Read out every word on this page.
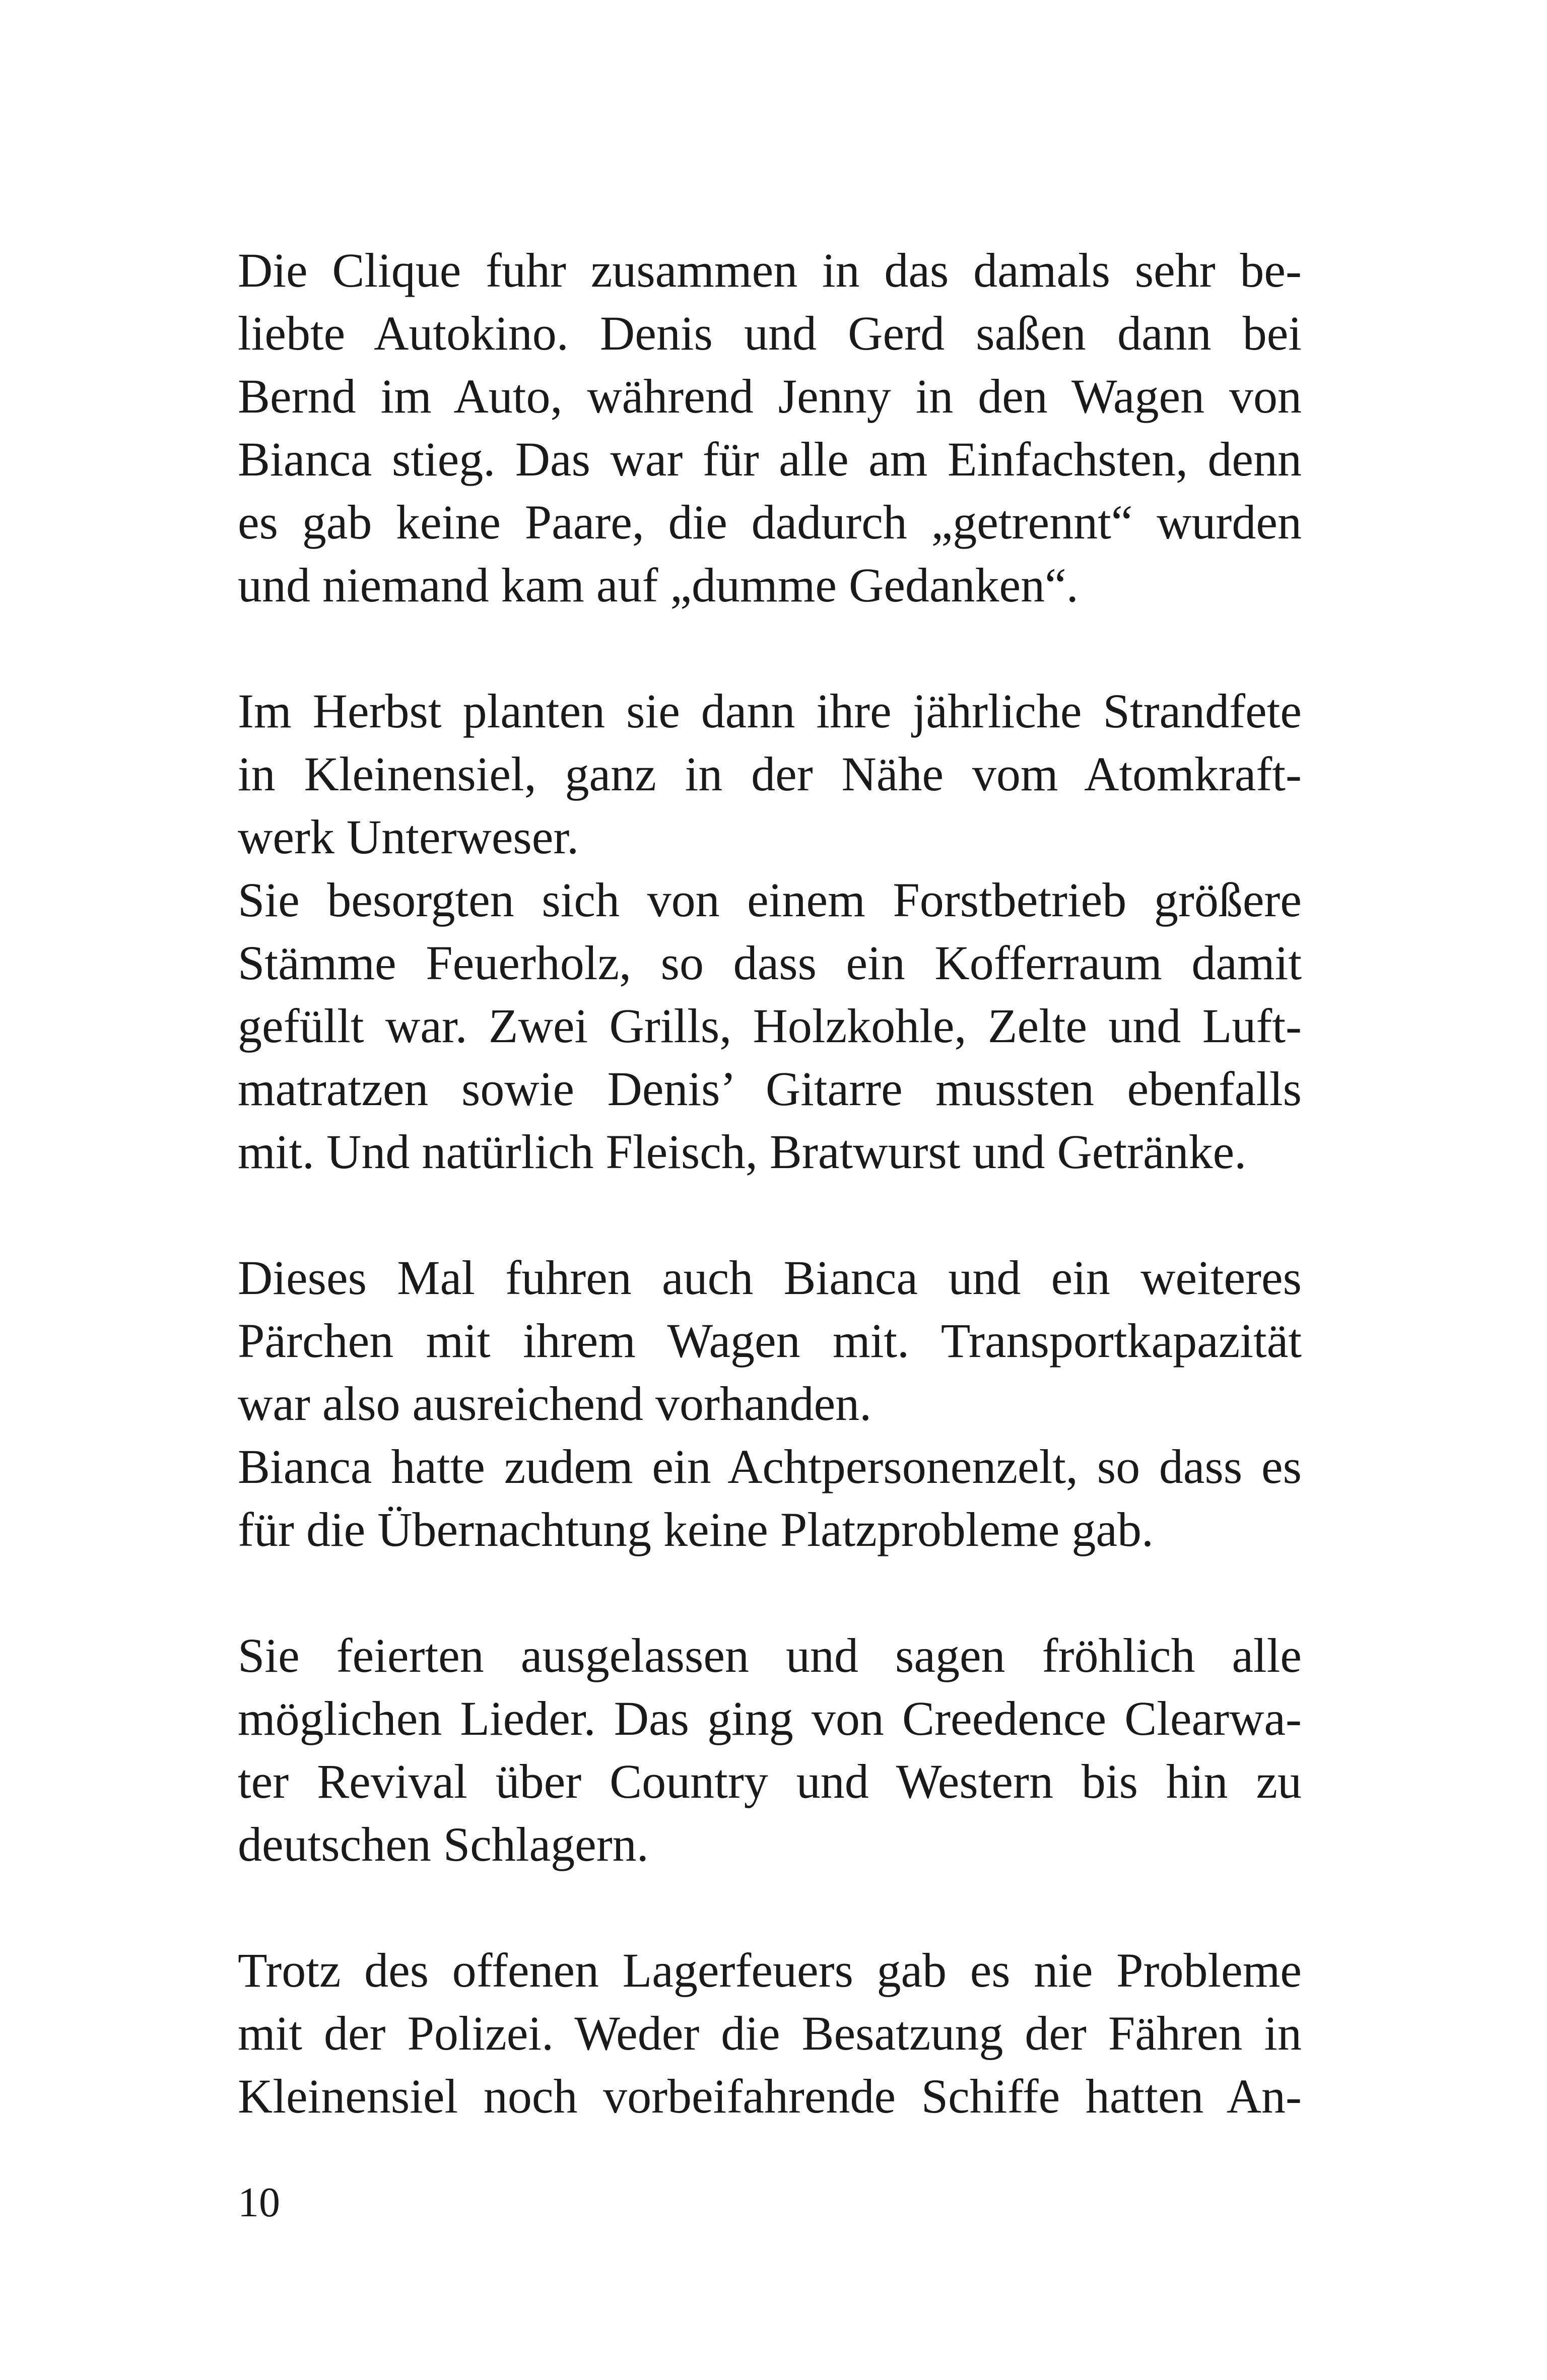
Die Clique fuhr zusammen in das damals sehr be-
liebte Autokino. Denis und Gerd saßen dann bei
Bernd im Auto, während Jenny in den Wagen von
Bianca stieg. Das war für alle am Einfachsten, denn
es gab keine Paare, die dadurch „getrennt“ wurden
und niemand kam auf „dumme Gedanken“.
Im Herbst planten sie dann ihre jährliche Strandfete
in Kleinensiel, ganz in der Nähe vom Atomkraft-
werk Unterweser.
Sie besorgten sich von einem Forstbetrieb größere
Stämme Feuerholz, so dass ein Kofferraum damit
gefüllt war. Zwei Grills, Holzkohle, Zelte und Luft-
matratzen sowie Denis’ Gitarre mussten ebenfalls
mit. Und natürlich Fleisch, Bratwurst und Getränke.
Dieses Mal fuhren auch Bianca und ein weiteres
Pärchen mit ihrem Wagen mit. Transportkapazität
war also ausreichend vorhanden.
Bianca hatte zudem ein Achtpersonenzelt, so dass es
für die Übernachtung keine Platzprobleme gab.
Sie feierten ausgelassen und sagen fröhlich alle
möglichen Lieder. Das ging von Creedence Clearwa-
ter Revival über Country und Western bis hin zu
deutschen Schlagern.
Trotz des offenen Lagerfeuers gab es nie Probleme
mit der Polizei. Weder die Besatzung der Fähren in
Kleinensiel noch vorbeifahrende Schiffe hatten An-
10
